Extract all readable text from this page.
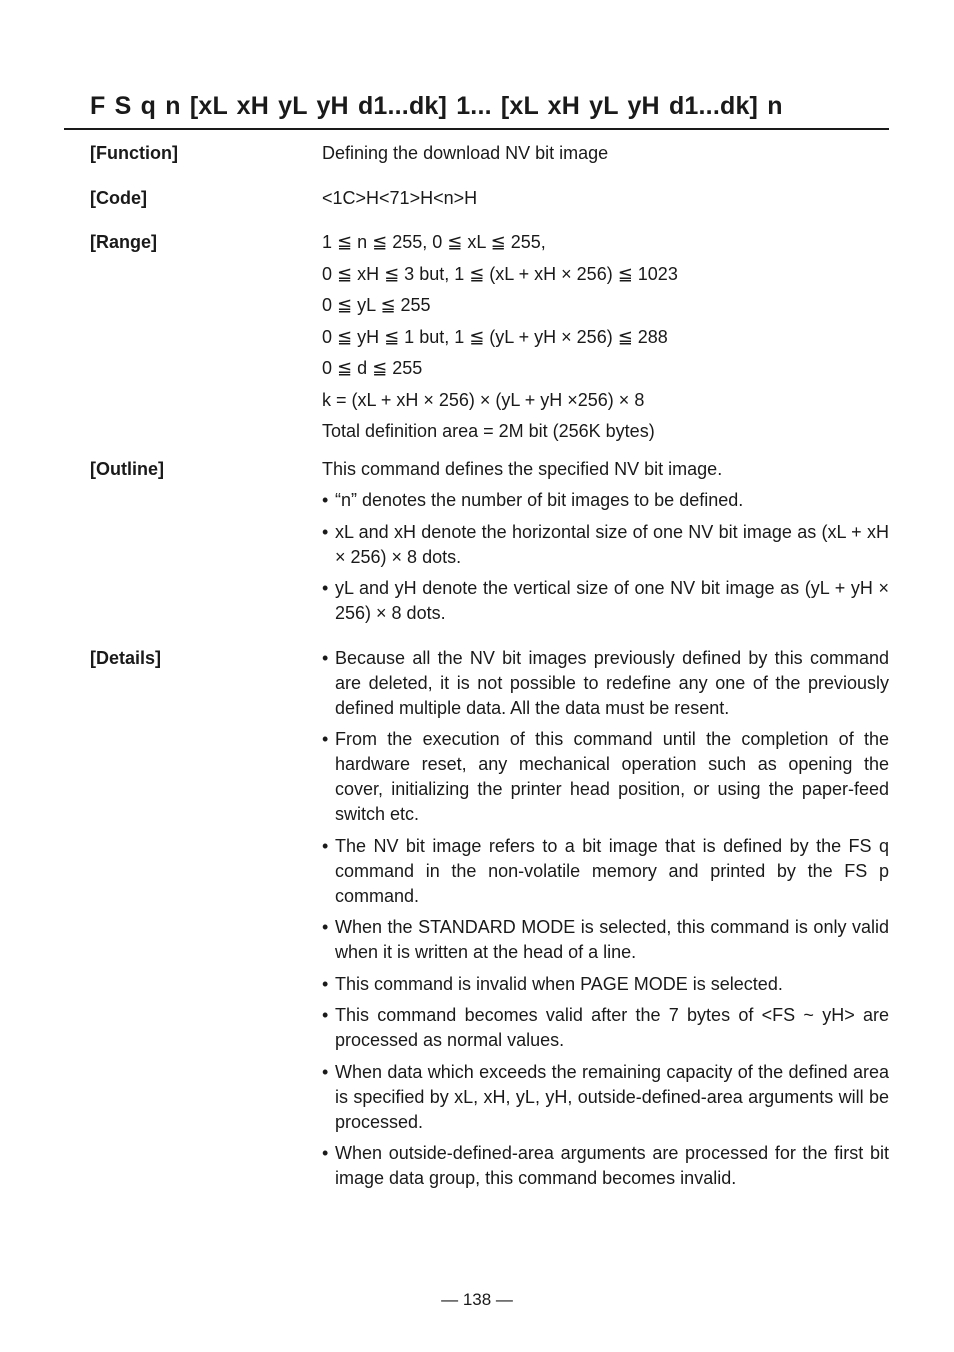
F S q n [xL xH yL yH d1...dk] 1... [xL xH yL yH d1...dk] n
[Function]	Defining the download NV bit image
[Code]	<1C>H<71>H<n>H
[Range]	1 ≦ n ≦ 255, 0 ≦ xL ≦ 255,
0 ≦ xH ≦ 3 but, 1 ≦ (xL + xH × 256) ≦ 1023
0 ≦ yL ≦ 255
0 ≦ yH ≦ 1 but, 1 ≦ (yL + yH × 256) ≦ 288
0 ≦ d ≦ 255
k = (xL + xH × 256) × (yL + yH ×256) × 8
Total definition area = 2M bit (256K bytes)
[Outline]	This command defines the specified NV bit image.
• “n” denotes the number of bit images to be defined.
• xL and xH denote the horizontal size of one NV bit image as (xL + xH × 256) × 8 dots.
• yL and yH denote the vertical size of one NV bit image as (yL + yH × 256) × 8 dots.
[Details]	• Because all the NV bit images previously defined by this command are deleted, it is not possible to redefine any one of the previously defined multiple data. All the data must be resent.
• From the execution of this command until the completion of the hardware reset, any mechanical operation such as opening the cover, initializing the printer head position, or using the paper-feed switch etc.
• The NV bit image refers to a bit image that is defined by the FS q command in the non-volatile memory and printed by the FS p command.
• When the STANDARD MODE is selected, this command is only valid when it is written at the head of a line.
• This command is invalid when PAGE MODE is selected.
• This command becomes valid after the 7 bytes of <FS ~ yH> are processed as normal values.
• When data which exceeds the remaining capacity of the defined area is specified by xL, xH, yL, yH, outside-defined-area arguments will be processed.
• When outside-defined-area arguments are processed for the first bit image data group, this command becomes invalid.
— 138 —
